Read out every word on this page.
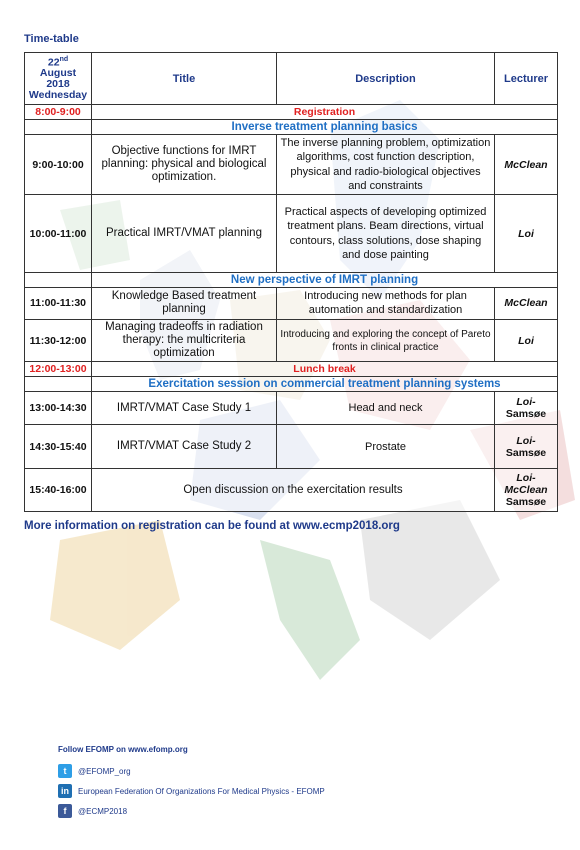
Time-table
22nd
August
2018
Wednesday	Title	Description	Lecturer
8:00-9:00	Registration		
	Inverse treatment planning basics		
9:00-10:00	Objective functions for IMRT planning: physical and biological optimization.	The inverse planning problem, optimization algorithms, cost function description, physical and radio-biological objectives and constraints	McClean
10:00-11:00	Practical IMRT/VMAT planning	Practical aspects of developing optimized treatment plans. Beam directions, virtual contours, class solutions, dose shaping and dose painting	Loi
	New perspective of IMRT planning		
11:00-11:30	Knowledge Based treatment planning	Introducing new methods for plan automation and standardization	McClean
11:30-12:00	Managing tradeoffs in radiation therapy: the multicriteria optimization	Introducing and exploring the concept of Pareto fronts in clinical practice	Loi
12:00-13:00	Lunch break		
	Exercitation session on commercial treatment planning systems		
13:00-14:30	IMRT/VMAT Case Study 1	Head and neck	Loi-
Samsøe
14:30-15:40	IMRT/VMAT Case Study 2	Prostate	Loi-
Samsøe
15:40-16:00	Open discussion on the exercitation results		Loi-
McClean
Samsøe
More information on registration can be found at www.ecmp2018.org
Follow EFOMP on www.efomp.org
t	@EFOMP_org
in	European Federation Of Organizations For Medical Physics - EFOMP
f	@ECMP2018
